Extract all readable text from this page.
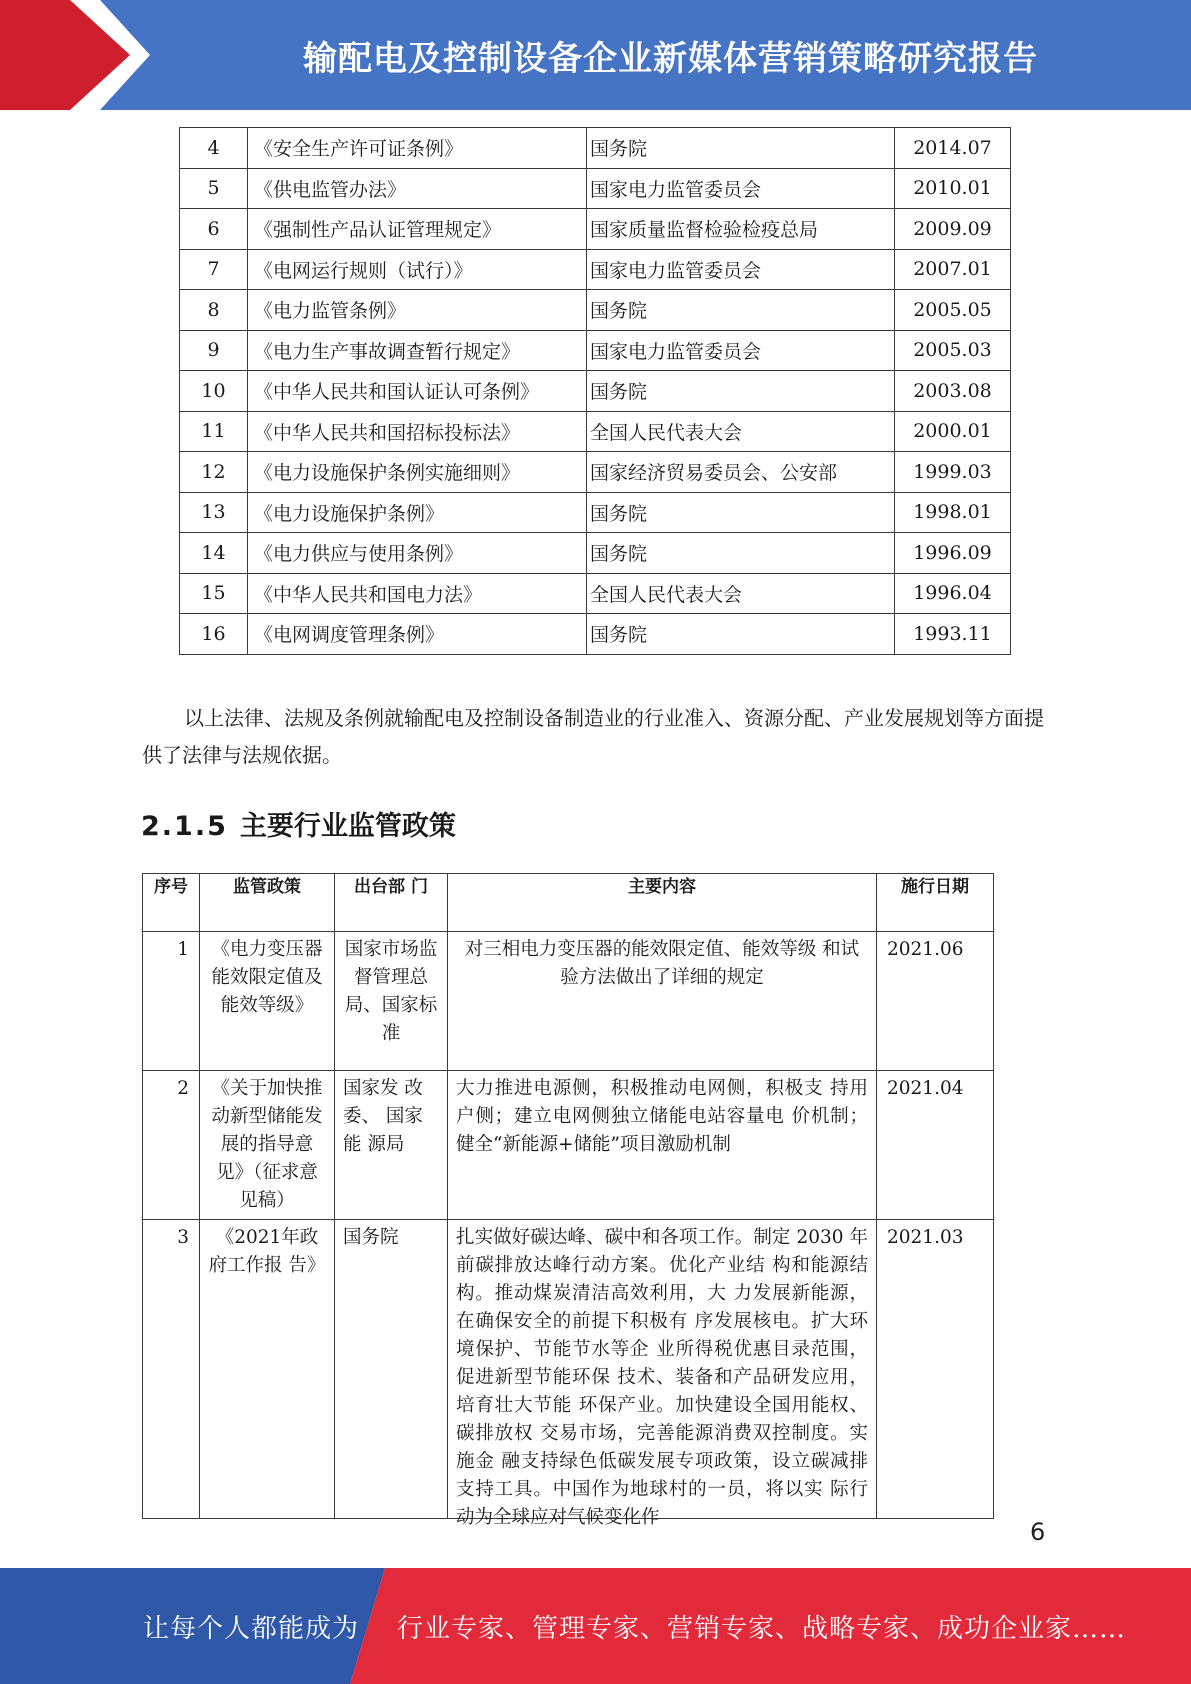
输配电及控制设备企业新媒体营销策略研究报告
4	《安全生产许可证条例》	国务院	2014.07
5	《供电监管办法》	国家电力监管委员会	2010.01
6	《强制性产品认证管理规定》	国家质量监督检验检疫总局	2009.09
7	《电网运行规则（试行）》	国家电力监管委员会	2007.01
8	《电力监管条例》	国务院	2005.05
9	《电力生产事故调查暂行规定》	国家电力监管委员会	2005.03
10	《中华人民共和国认证认可条例》	国务院	2003.08
11	《中华人民共和国招标投标法》	全国人民代表大会	2000.01
12	《电力设施保护条例实施细则》	国家经济贸易委员会、公安部	1999.03
13	《电力设施保护条例》	国务院	1998.01
14	《电力供应与使用条例》	国务院	1996.09
15	《中华人民共和国电力法》	全国人民代表大会	1996.04
16	《电网调度管理条例》	国务院	1993.11

以上法律、法规及条例就输配电及控制设备制造业的行业准入、资源分配、产业发展规划等方面提供了法律与法规依据。

2.1.5 主要行业监管政策
序号	监管政策	出台部 门	主要内容	施行日期
1	《电力变压器能效限定值及能效等级》	国家市场监督管理总局、国家标准	对三相电力变压器的能效限定值、能效等级 和试验方法做出了详细的规定	2021.06
2	《关于加快推动新型储能发展的指导意见》（征求意见稿）	国家发 改委、 国家能 源局	大力推进电源侧，积极推动电网侧，积极支 持用户侧；建立电网侧独立储能电站容量电 价机制；健全“新能源+储能”项目激励机制	2021.04
3	《2021年政府工作报 告》	国务院	扎实做好碳达峰、碳中和各项工作。制定 2030 年前碳排放达峰行动方案。优化产业结 构和能源结构。推动煤炭清洁高效利用，大 力发展新能源，在确保安全的前提下积极有 序发展核电。扩大环境保护、节能节水等企 业所得税优惠目录范围，促进新型节能环保 技术、装备和产品研发应用，培育壮大节能 环保产业。加快建设全国用能权、碳排放权 交易市场，完善能源消费双控制度。实施金 融支持绿色低碳发展专项政策，设立碳减排 支持工具。中国作为地球村的一员，将以实 际行动为全球应对气候变化作	2021.03
6
让每个人都能成为 行业专家、管理专家、营销专家、战略专家、成功企业家……
